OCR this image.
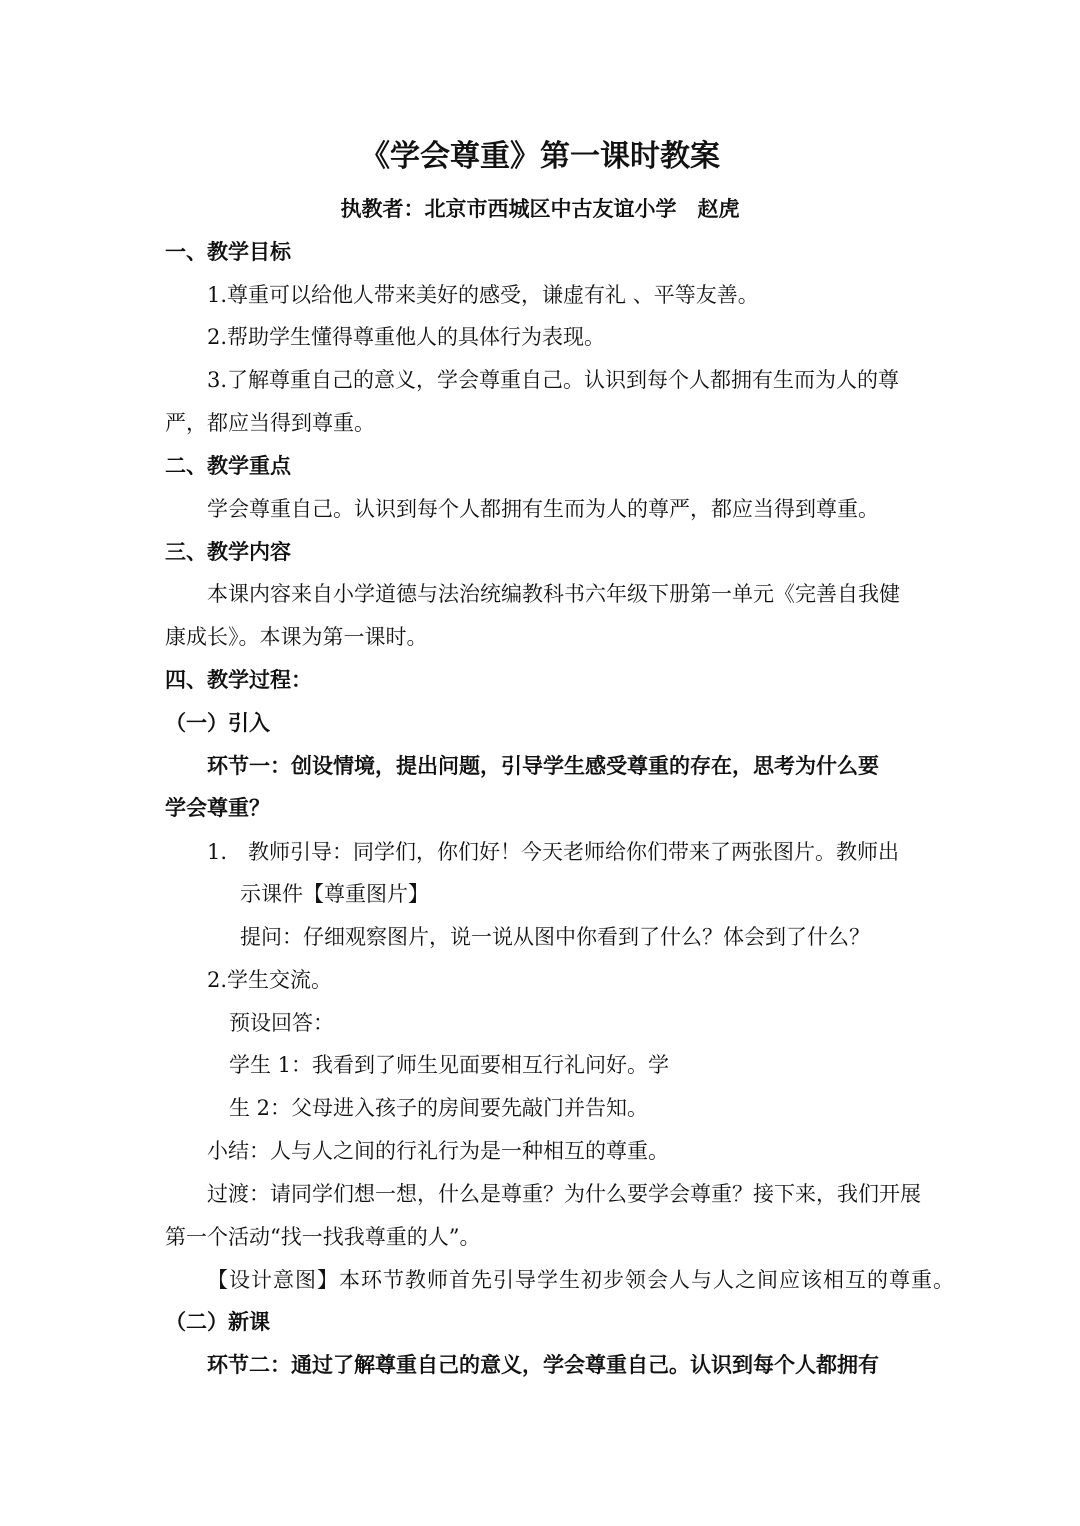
《学会尊重》第一课时教案
执教者：北京市西城区中古友谊小学　赵虎
一、教学目标
1.尊重可以给他人带来美好的感受，谦虚有礼 、平等友善。
2.帮助学生懂得尊重他人的具体行为表现。
3.了解尊重自己的意义，学会尊重自己。认识到每个人都拥有生而为人的尊
严，都应当得到尊重。
二、教学重点
学会尊重自己。认识到每个人都拥有生而为人的尊严，都应当得到尊重。
三、教学内容
本课内容来自小学道德与法治统编教科书六年级下册第一单元《完善自我健
康成长》。本课为第一课时。
四、教学过程：
（一）引入
环节一：创设情境，提出问题，引导学生感受尊重的存在，思考为什么要
学会尊重？
1.　教师引导：同学们，你们好！今天老师给你们带来了两张图片。教师出
示课件【尊重图片】
提问：仔细观察图片，说一说从图中你看到了什么？体会到了什么？
2.学生交流。
预设回答：
学生 1：我看到了师生见面要相互行礼问好。学
生 2：父母进入孩子的房间要先敲门并告知。
小结：人与人之间的行礼行为是一种相互的尊重。
过渡：请同学们想一想，什么是尊重？为什么要学会尊重？接下来，我们开展
第一个活动“找一找我尊重的人”。
【设计意图】本环节教师首先引导学生初步领会人与人之间应该相互的尊重。
（二）新课
环节二：通过了解尊重自己的意义，学会尊重自己。认识到每个人都拥有
